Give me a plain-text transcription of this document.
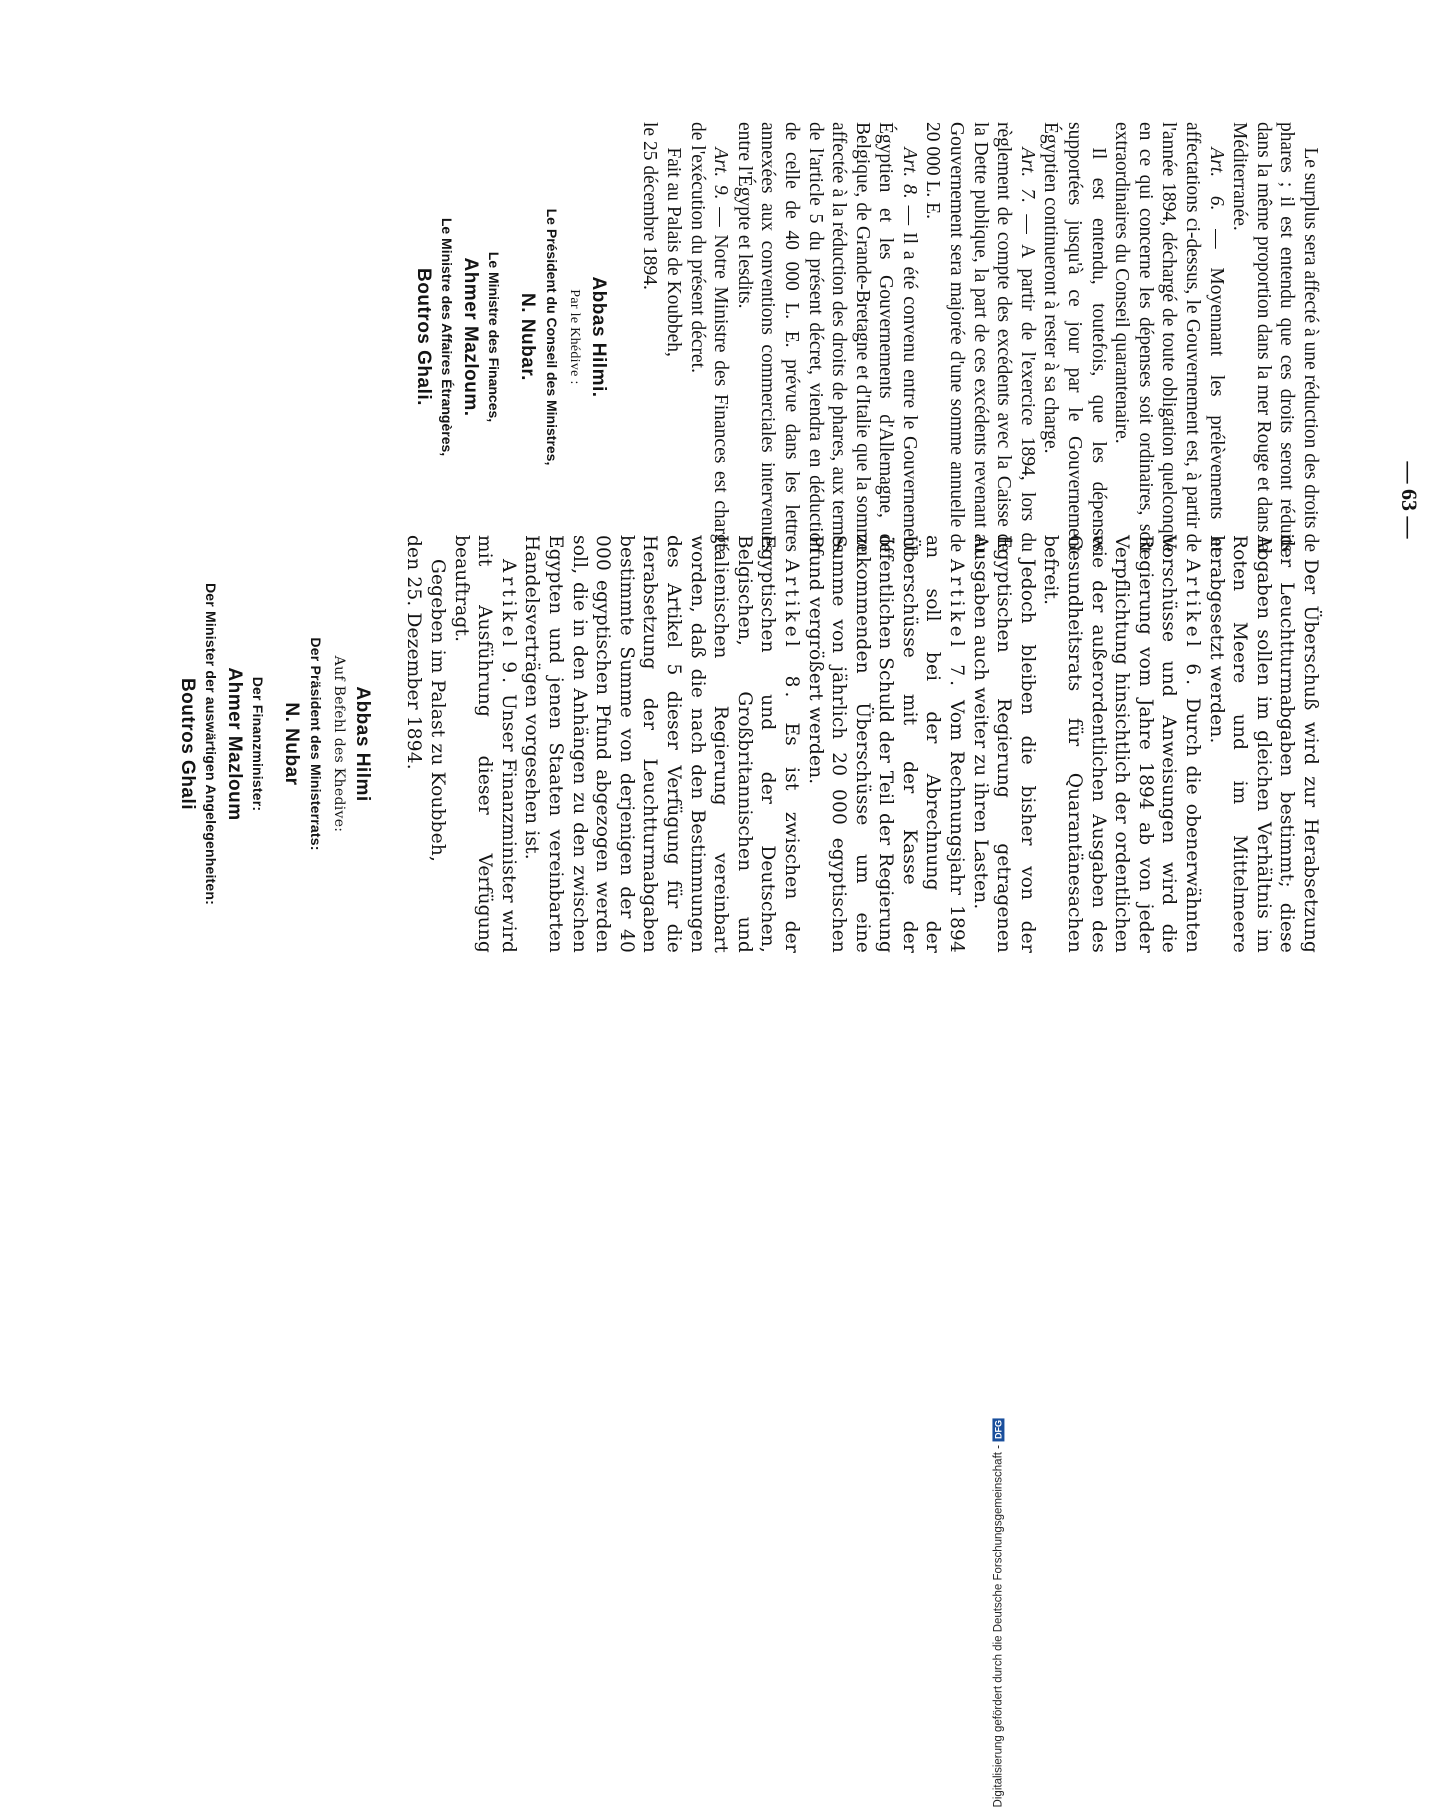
— 63 —

Le surplus sera affecté à une réduction des droits de phares ; il est entendu que ces droits seront réduits dans la même proportion dans la mer Rouge et dans la Méditerranée.

Art. 6. — Moyennant les prélèvements et affectations ci-dessus, le Gouvernement est, à partir de l'année 1894, déchargé de toute obligation quelconque en ce qui concerne les dépenses soit ordinaires, soit extraordinaires du Conseil quarantenaire.

Il est entendu, toutefois, que les dépenses supportées jusqu'à ce jour par le Gouvernement Égyptien continueront à rester à sa charge.

Art. 7. — A partir de l'exercice 1894, lors du règlement de compte des excédents avec la Caisse de la Dette publique, la part de ces excédents revenant au Gouvernement sera majorée d'une somme annuelle de 20 000 L. E.

Art. 8. — Il a été convenu entre le Gouvernement Égyptien et les Gouvernements d'Allemagne, de Belgique, de Grande-Bretagne et d'Italie que la somme affectée à la réduction des droits de phares, aux termes de l'article 5 du présent décret, viendra en déduction de celle de 40 000 L. E. prévue dans les lettres annexées aux conventions commerciales intervenues entre l'Égypte et lesdits.

Art. 9. — Notre Ministre des Finances est chargé de l'exécution du présent décret.

Fait au Palais de Koubbeh,

le 25 décembre 1894.

Abbas Hilmi.

Par le Khédive :

Le Président du Conseil des Ministres,

N. Nubar.

Le Ministre des Finances,

Ahmer Mazloum.

Le Ministre des Affaires Étrangères,

Boutros Ghali.

Der Überschuß wird zur Herabsetzung der Leuchtturmabgaben bestimmt; diese Abgaben sollen im gleichen Verhältnis im Roten Meere und im Mittelmeere herabgesetzt werden.

Artikel 6. Durch die obenerwähnten Vorschüsse und Anweisungen wird die Regierung vom Jahre 1894 ab von jeder Verpflichtung hinsichtlich der ordentlichen wie der außerordentlichen Ausgaben des Gesundheitsrats für Quarantänesachen befreit.

Jedoch bleiben die bisher von der Egyptischen Regierung getragenen Ausgaben auch weiter zu ihren Lasten.

Artikel 7. Vom Rechnungsjahr 1894 an soll bei der Abrechnung der Überschüsse mit der Kasse der öffentlichen Schuld der Teil der Regierung zukommenden Überschüsse um eine Summe von jährlich 20 000 egyptischen Pfund vergrößert werden.

Artikel 8. Es ist zwischen der Egyptischen und der Deutschen, Belgischen, Großbritannischen und Italienischen Regierung vereinbart worden, daß die nach den Bestimmungen des Artikel 5 dieser Verfügung für die Herabsetzung der Leuchtturmabgaben bestimmte Summe von derjenigen der 40 000 egyptischen Pfund abgezogen werden soll, die in den Anhängen zu den zwischen Egypten und jenen Staaten vereinbarten Handelsverträgen vorgesehen ist.

Artikel 9. Unser Finanzminister wird mit Ausführung dieser Verfügung beauftragt.

Gegeben im Palast zu Koubbeh,

den 25. Dezember 1894.

Abbas Hilmi

Auf Befehl des Khedive:

Der Präsident des Ministerrats:

N. Nubar

Der Finanzminister:

Ahmer Mazloum

Der Minister der auswärtigen Angelegenheiten:

Boutros Ghali

Digitalisierung gefördert durch die Deutsche Forschungsgemeinschaft -DFG
